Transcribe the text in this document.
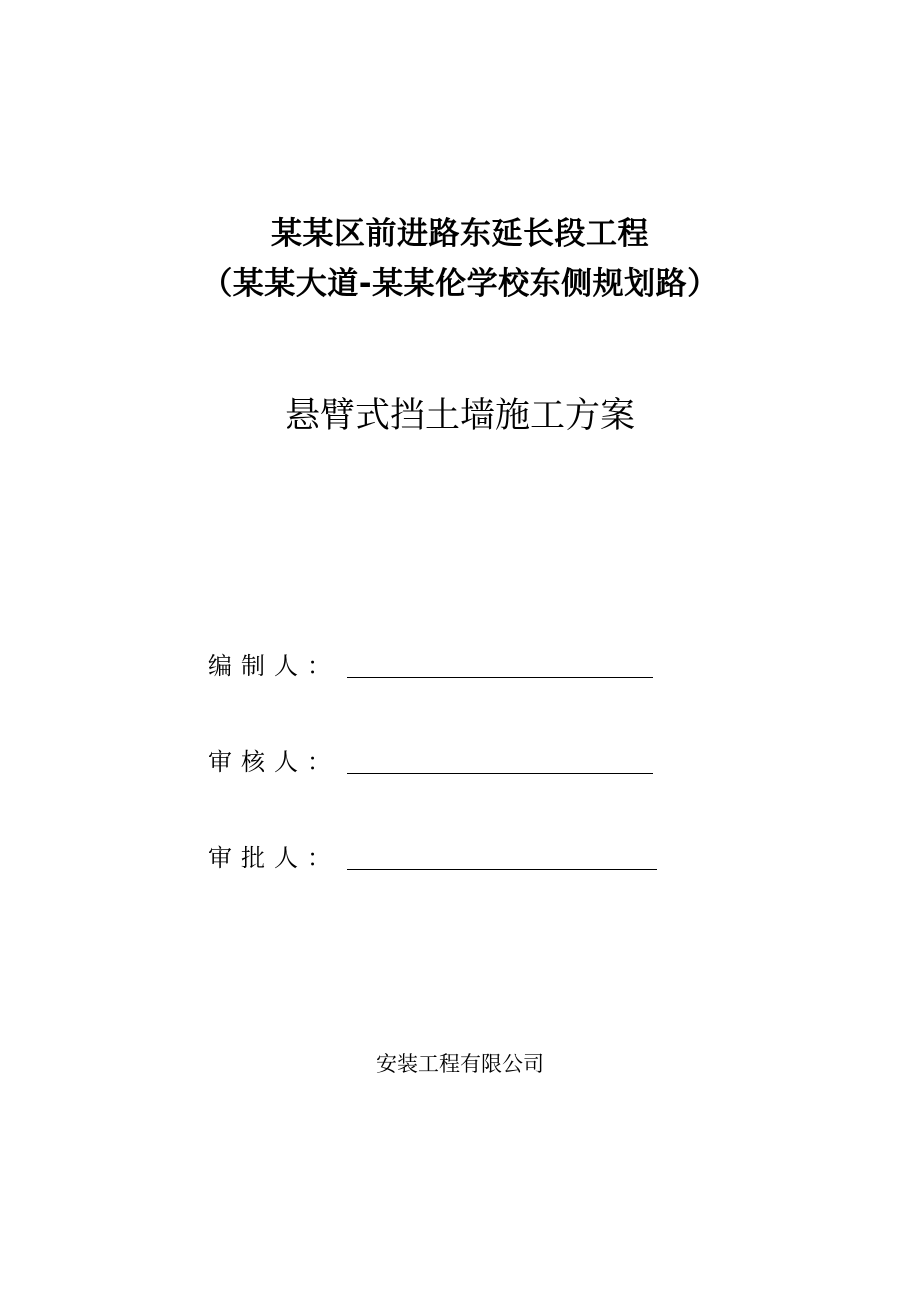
某某区前进路东延长段工程
（某某大道-某某伦学校东侧规划路）
悬臂式挡土墙施工方案
编制人：
审核人：
审批人：
安装工程有限公司
